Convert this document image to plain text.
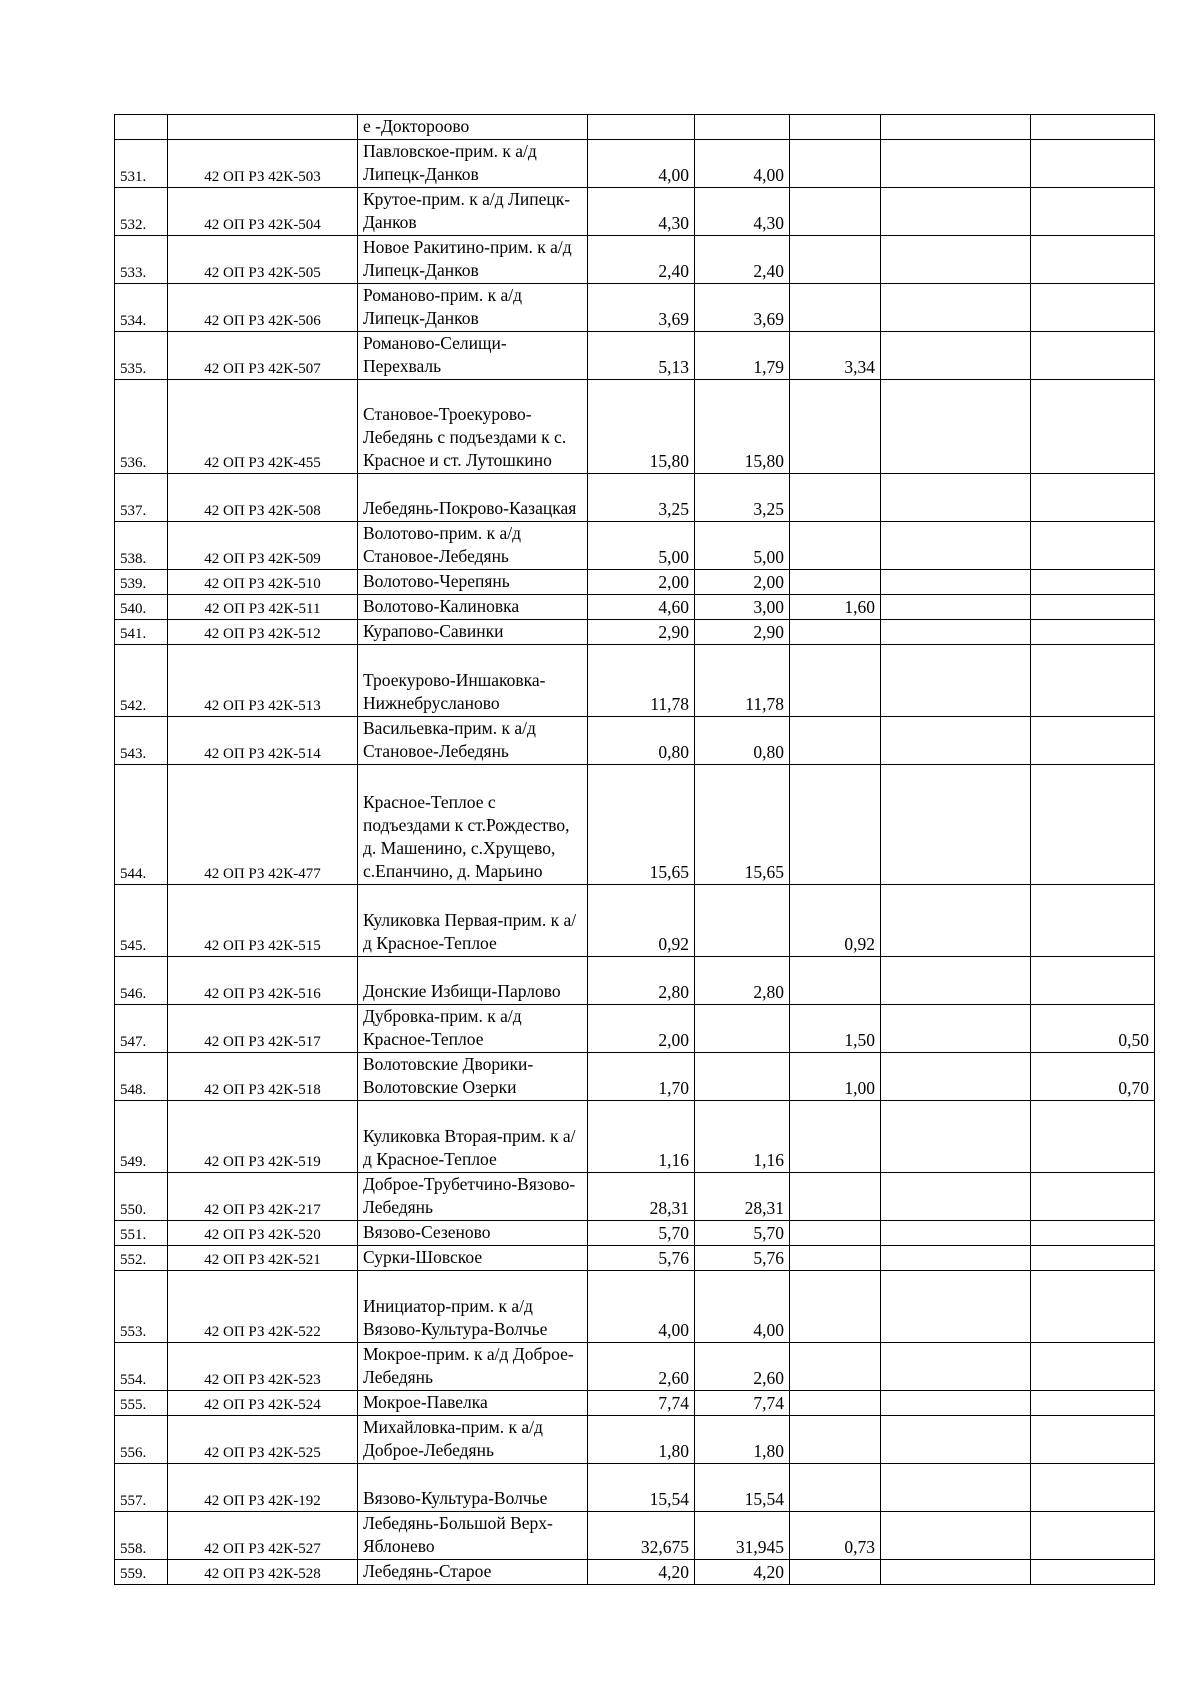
		е -Доктороово					
531.	42 ОП РЗ 42К-503	Павловское-прим. к а/д Липецк-Данков	4,00	4,00			
532.	42 ОП РЗ 42К-504	Крутое-прим. к а/д Липецк-Данков	4,30	4,30			
533.	42 ОП РЗ 42К-505	Новое Ракитино-прим. к а/д Липецк-Данков	2,40	2,40			
534.	42 ОП РЗ 42К-506	Романово-прим. к а/д Липецк-Данков	3,69	3,69			
535.	42 ОП РЗ 42К-507	Романово-Селищи-Перехваль	5,13	1,79	3,34		
536.	42 ОП РЗ 42К-455	Становое-Троекурово-Лебедянь с подъездами к с. Красное и ст. Лутошкино	15,80	15,80			
537.	42 ОП РЗ 42К-508	Лебедянь-Покрово-Казацкая	3,25	3,25			
538.	42 ОП РЗ 42К-509	Волотово-прим. к а/д Становое-Лебедянь	5,00	5,00			
539.	42 ОП РЗ 42К-510	Волотово-Черепянь	2,00	2,00			
540.	42 ОП РЗ 42К-511	Волотово-Калиновка	4,60	3,00	1,60		
541.	42 ОП РЗ 42К-512	Курапово-Савинки	2,90	2,90			
542.	42 ОП РЗ 42К-513	Троекурово-Иншаковка-Нижнебрусланово	11,78	11,78			
543.	42 ОП РЗ 42К-514	Васильевка-прим. к а/д Становое-Лебедянь	0,80	0,80			
544.	42 ОП РЗ 42К-477	Красное-Теплое с подъездами к ст.Рождество, д. Машенино, с.Хрущево, с.Епанчино, д. Марьино	15,65	15,65			
545.	42 ОП РЗ 42К-515	Куликовка Первая-прим. к а/д Красное-Теплое	0,92		0,92		
546.	42 ОП РЗ 42К-516	Донские Избищи-Парлово	2,80	2,80			
547.	42 ОП РЗ 42К-517	Дубровка-прим. к а/д Красное-Теплое	2,00		1,50		0,50
548.	42 ОП РЗ 42К-518	Волотовские Дворики-Волотовские Озерки	1,70		1,00		0,70
549.	42 ОП РЗ 42К-519	Куликовка Вторая-прим. к а/д Красное-Теплое	1,16	1,16			
550.	42 ОП РЗ 42К-217	Доброе-Трубетчино-Вязово-Лебедянь	28,31	28,31			
551.	42 ОП РЗ 42К-520	Вязово-Сезеново	5,70	5,70			
552.	42 ОП РЗ 42К-521	Сурки-Шовское	5,76	5,76			
553.	42 ОП РЗ 42К-522	Инициатор-прим. к а/д Вязово-Культура-Волчье	4,00	4,00			
554.	42 ОП РЗ 42К-523	Мокрое-прим. к а/д Доброе-Лебедянь	2,60	2,60			
555.	42 ОП РЗ 42К-524	Мокрое-Павелка	7,74	7,74			
556.	42 ОП РЗ 42К-525	Михайловка-прим. к а/д Доброе-Лебедянь	1,80	1,80			
557.	42 ОП РЗ 42К-192	Вязово-Культура-Волчье	15,54	15,54			
558.	42 ОП РЗ 42К-527	Лебедянь-Большой Верх-Яблонево	32,675	31,945	0,73		
559.	42 ОП РЗ 42К-528	Лебедянь-Старое	4,20	4,20			
